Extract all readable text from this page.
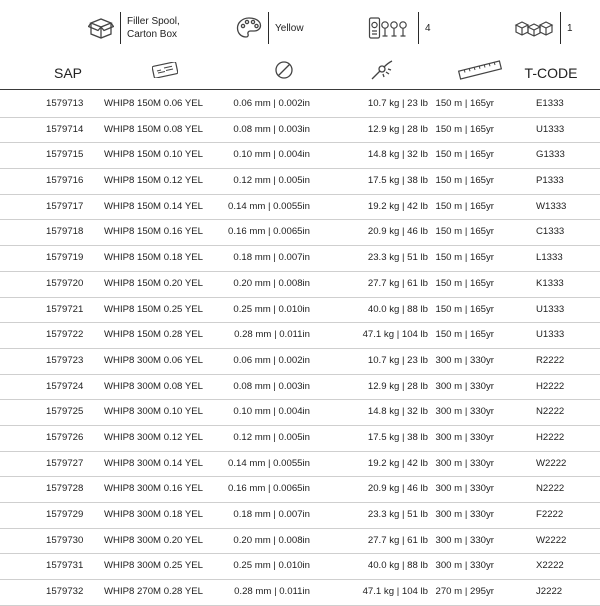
Filler Spool,
Carton Box
Yellow	4	1
SAP	T-CODE
1579713 WHIP8 150M 0.06 YEL	0.06 mm | 0.002in	10.7 kg | 23 lb 150 m | 165yr	E1333
1579714 WHIP8 150M 0.08 YEL	0.08 mm | 0.003in	12.9 kg | 28 lb 150 m | 165yr	U1333
1579715 WHIP8 150M 0.10 YEL	0.10 mm | 0.004in	14.8 kg | 32 lb 150 m | 165yr	G1333
1579716 WHIP8 150M 0.12 YEL	0.12 mm | 0.005in	17.5 kg | 38 lb 150 m | 165yr	P1333
1579717 WHIP8 150M 0.14 YEL	0.14 mm | 0.0055in	19.2 kg | 42 lb 150 m | 165yr	W1333
1579718 WHIP8 150M 0.16 YEL	0.16 mm | 0.0065in	20.9 kg | 46 lb 150 m | 165yr	C1333
1579719 WHIP8 150M 0.18 YEL	0.18 mm | 0.007in	23.3 kg | 51 lb 150 m | 165yr	L1333
1579720 WHIP8 150M 0.20 YEL	0.20 mm | 0.008in	27.7 kg | 61 lb 150 m | 165yr	K1333
1579721 WHIP8 150M 0.25 YEL	0.25 mm | 0.010in	40.0 kg | 88 lb 150 m | 165yr	U1333
1579722 WHIP8 150M 0.28 YEL	0.28 mm | 0.011in	47.1 kg | 104 lb 150 m | 165yr	U1333
1579723 WHIP8 300M 0.06 YEL	0.06 mm | 0.002in	10.7 kg | 23 lb 300 m | 330yr	R2222
1579724 WHIP8 300M 0.08 YEL	0.08 mm | 0.003in	12.9 kg | 28 lb 300 m | 330yr	H2222
1579725 WHIP8 300M 0.10 YEL	0.10 mm | 0.004in	14.8 kg | 32 lb 300 m | 330yr	N2222
1579726 WHIP8 300M 0.12 YEL	0.12 mm | 0.005in	17.5 kg | 38 lb 300 m | 330yr	H2222
1579727 WHIP8 300M 0.14 YEL	0.14 mm | 0.0055in	19.2 kg | 42 lb 300 m | 330yr	W2222
1579728 WHIP8 300M 0.16 YEL	0.16 mm | 0.0065in	20.9 kg | 46 lb 300 m | 330yr	N2222
1579729 WHIP8 300M 0.18 YEL	0.18 mm | 0.007in	23.3 kg | 51 lb 300 m | 330yr	F2222
1579730 WHIP8 300M 0.20 YEL	0.20 mm | 0.008in	27.7 kg | 61 lb 300 m | 330yr	W2222
1579731 WHIP8 300M 0.25 YEL	0.25 mm | 0.010in	40.0 kg | 88 lb 300 m | 330yr	X2222
1579732 WHIP8 270M 0.28 YEL	0.28 mm | 0.011in	47.1 kg | 104 lb 270 m | 295yr	J2222
